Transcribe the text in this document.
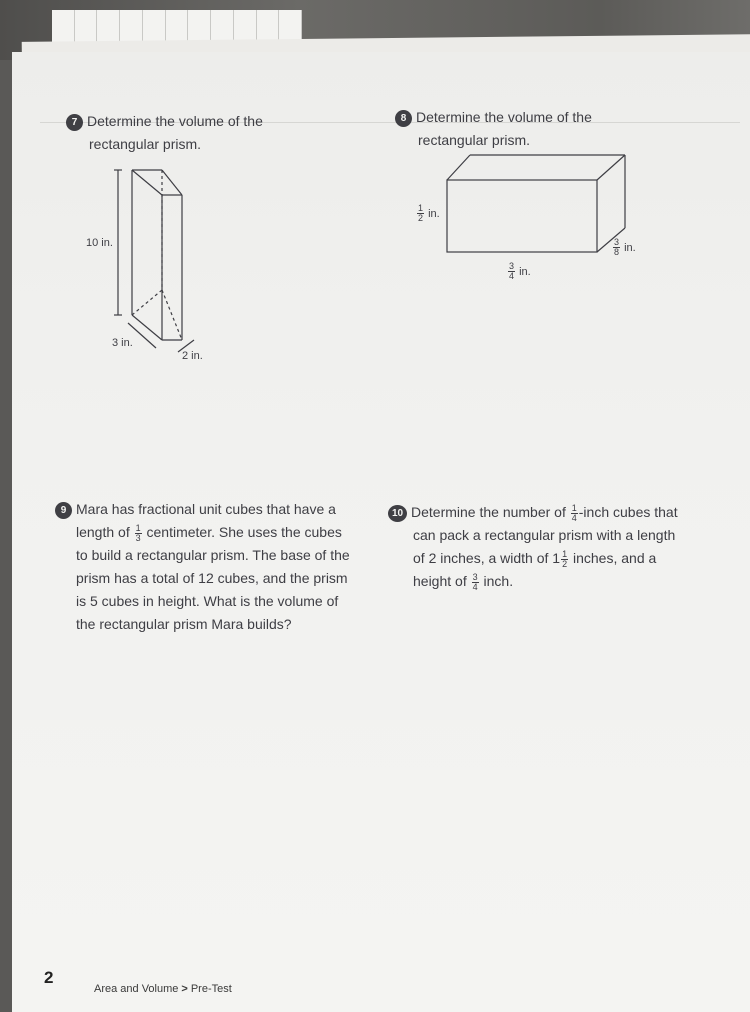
7 Determine the volume of the
rectangular prism.
10 in.
3 in.
2 in.
8 Determine the volume of the
rectangular prism.
$\frac{1}{2}$ in.
$\frac{3}{8}$ in.
$\frac{3}{4}$ in.
9 Mara has fractional unit cubes that have a
length of $\frac{1}{3}$ centimeter. She uses the cubes
to build a rectangular prism. The base of the
prism has a total of 12 cubes, and the prism
is 5 cubes in height. What is the volume of
the rectangular prism Mara builds?
10 Determine the number of $\frac{1}{4}$ -inch cubes that
can pack a rectangular prism with a length
of 2 inches, a width of $1 \frac{1}{2}$ inches, and a
height of $\frac{3}{4}$ inch.
2
Area and Volume > Pre-Test
